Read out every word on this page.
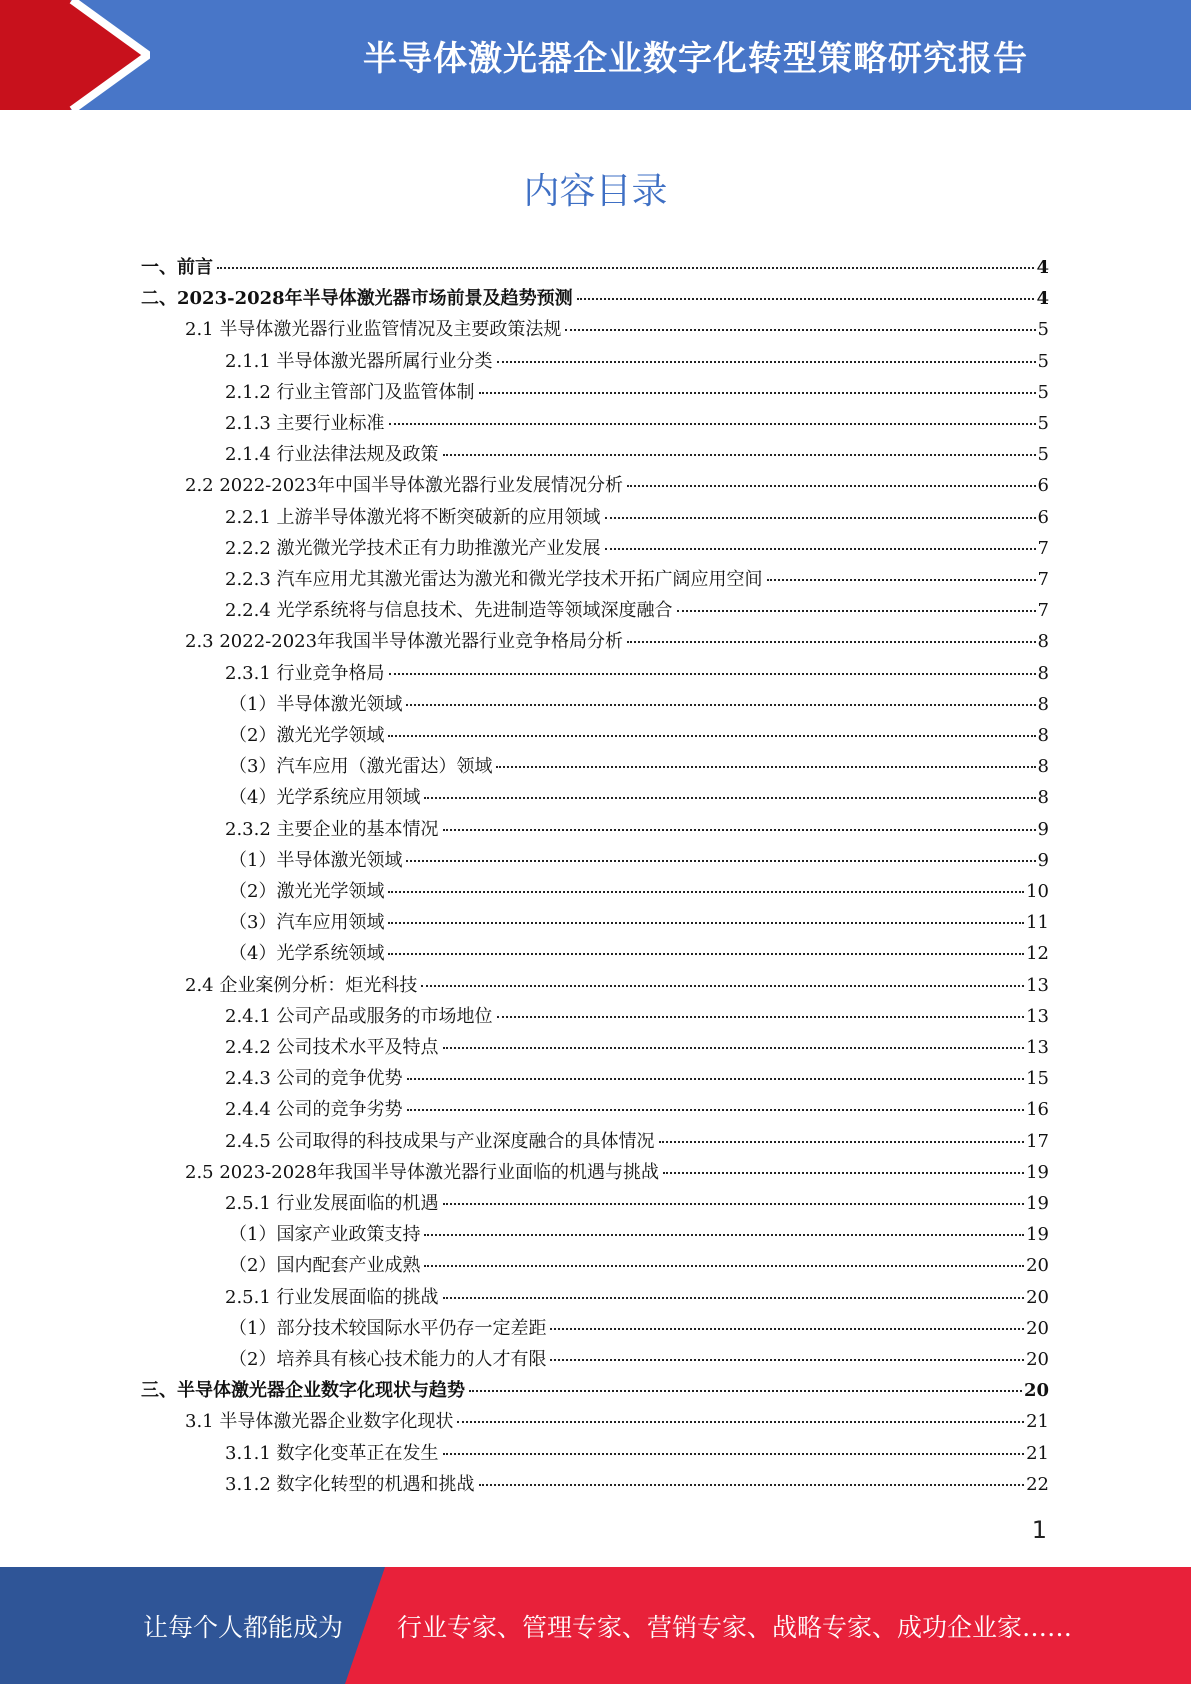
半导体激光器企业数字化转型策略研究报告
内容目录
一、前言	4
二、2023-2028年半导体激光器市场前景及趋势预测	4
2.1 半导体激光器行业监管情况及主要政策法规	5
2.1.1 半导体激光器所属行业分类	5
2.1.2 行业主管部门及监管体制	5
2.1.3 主要行业标准	5
2.1.4 行业法律法规及政策	5
2.2 2022-2023年中国半导体激光器行业发展情况分析	6
2.2.1 上游半导体激光将不断突破新的应用领域	6
2.2.2 激光微光学技术正有力助推激光产业发展	7
2.2.3 汽车应用尤其激光雷达为激光和微光学技术开拓广阔应用空间	7
2.2.4 光学系统将与信息技术、先进制造等领域深度融合	7
2.3 2022-2023年我国半导体激光器行业竞争格局分析	8
2.3.1 行业竞争格局	8
（1）半导体激光领域	8
（2）激光光学领域	8
（3）汽车应用（激光雷达）领域	8
（4）光学系统应用领域	8
2.3.2 主要企业的基本情况	9
（1）半导体激光领域	9
（2）激光光学领域	10
（3）汽车应用领域	11
（4）光学系统领域	12
2.4 企业案例分析：炬光科技	13
2.4.1 公司产品或服务的市场地位	13
2.4.2 公司技术水平及特点	13
2.4.3 公司的竞争优势	15
2.4.4 公司的竞争劣势	16
2.4.5 公司取得的科技成果与产业深度融合的具体情况	17
2.5 2023-2028年我国半导体激光器行业面临的机遇与挑战	19
2.5.1 行业发展面临的机遇	19
（1）国家产业政策支持	19
（2）国内配套产业成熟	20
2.5.1 行业发展面临的挑战	20
（1）部分技术较国际水平仍存一定差距	20
（2）培养具有核心技术能力的人才有限	20
三、半导体激光器企业数字化现状与趋势	20
3.1 半导体激光器企业数字化现状	21
3.1.1 数字化变革正在发生	21
3.1.2 数字化转型的机遇和挑战	22
1
让每个人都能成为 行业专家、管理专家、营销专家、战略专家、成功企业家……
